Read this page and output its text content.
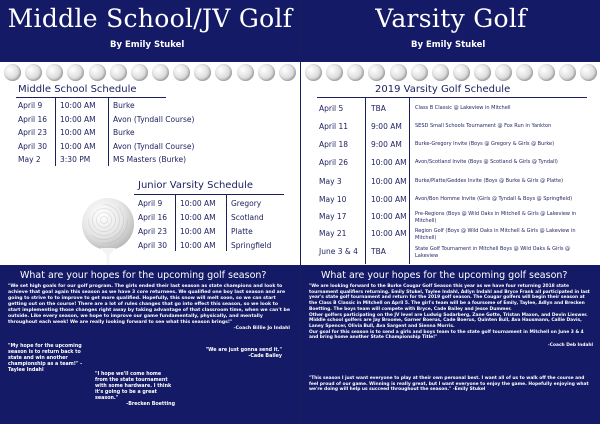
Middle School/JV Golf
By Emily Stukel
Middle School Schedule
April 9 10:00 AM Burke
April 16 10:00 AM Avon (Tyndall Course)
April 23 10:00 AM Burke
April 30 10:00 AM Avon (Tyndall Course)
May 2	3:30 PM	MS Masters (Burke)
Junior Varsity Schedule
April 9 10:00 AM Gregory
April 16 10:00 AM Scotland
April 23 10:00 AM Platte
April 30 10:00 AM Springfield
What are your hopes for the upcoming golf season?
"We set high goals for our golf program. The girls ended their last season as state champions and look to achieve that goal again this season as we have 3 core returnees. We qualified one boy last season and are going to strive to to improve to get more qualified. Hopefully, this snow will melt soon, so we can start getting out on the course! There are a lot of rules changes that go into effect this season, so we look to start implementing those changes right away by taking advantage of that classroom time, when we can't be outside. Like every season, we hope to improve our game fundamentally, physically, and mentally throughout each week! We are really looking forward to see what this season brings!"
-Coach Billie Jo Indahl
"My hope for the upcoming season is to return back to state and win another championship as a team!" -Taylee Indahl
"We are just gonna send it."
-Cade Bailey
"I hope we'll come home from the state tournament with some hardware. I think it's going to be a great season."
-Brecken Boetting
Varsity Golf
By Emily Stukel
2019 Varsity Golf Schedule
April 5	TBA	Class B Classic @ Lakeview in Mitchell
April 11	9:00 AM	SESD Small Schools Tournament @ Fox Run in Yankton
April 18	9:00 AM	Burke-Gregory Invite (Boys @ Gregory & Girls @ Burke)
April 26	10:00 AM Avon/Scotland Invite (Boys @ Scotland & Girls @ Tyndall)
May 3	10:00 AM Burke/Platte/Geddes Invite (Boys @ Burke & Girls @ Platte)
May 10	10:00 AM Avon/Bon Homme Invite (Girls @ Tyndall & Boys @ Springfield)
May 17	10:00 AM Pre-Regions (Boys @ Wild Oaks in Mitchell & Girls @ Lakeview in Mitchell)
May 21	10:00 AM Region Golf (Boys @ Wild Oaks in Mitchell & Girls @ Lakeview in Mitchell)
June 3 & 4 TBA	State Golf Tournament in Mitchell Boys @ Wild Oaks & Girls @ Lakeview
What are your hopes for the upcoming golf season?
"We are looking forward to the Burke Cougar Golf Season this year as we have four returning 2018 state tournament qualifiers returning. Emily Stukel, Taylee Indahl, Adlyn Indahl and Bryce Frank all participated in last year's state golf tournament and return for the 2019 golf season. The Cougar golfers will begin their season at the Class B Classic in Mitchell on April 5. The girl's team will be a foursome of Emily, Taylee, Adlyn and Brecken Boetting. The boys team will compete with Bryce, Cade Bailey and Jesse Dummer.
Other golfers participating on the JV level are Ludwig Sodarberg, Zane Gotte, Tristan Maxon, and Devin Lieswer. Middle school golfers are Jay Broome, Garner Boerus, Cade Boerus, Quinten Bull, Ava Hausmann, Callie Davis, Laney Spencer, Olivia Bull, Ava Sargent and Sienna Morris.
Our goal for this season is to send a girls and boys team to the state golf tournament in Mitchell on June 3 & 4 and bring home another State Championship Title!"
-Coach Deb Indahl
"This season I just want everyone to play at their own personal best. I want all of us to walk off the course and feel proud of our game. Winning is really great, but I want everyone to enjoy the game. Hopefully enjoying what we're doing will help us succeed throughout the season." -Emily Stukel
